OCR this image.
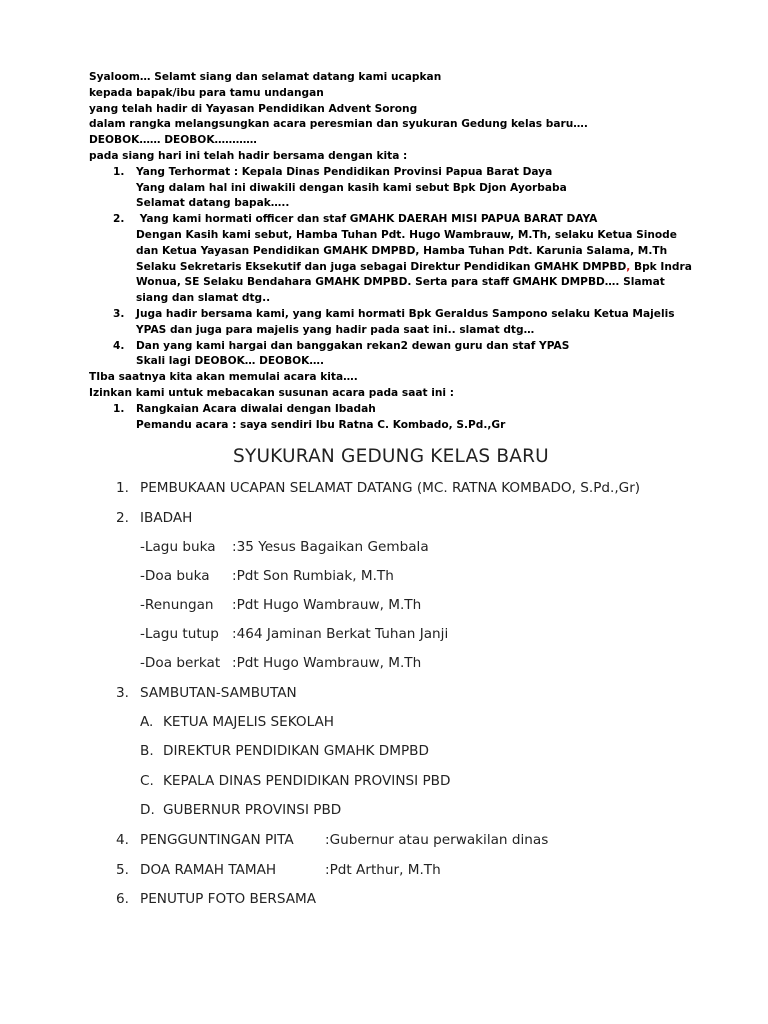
Syaloom… Selamt siang dan selamat datang kami ucapkan
kepada bapak/ibu para tamu undangan
yang telah hadir di Yayasan Pendidikan Advent Sorong
dalam rangka melangsungkan acara peresmian dan syukuran Gedung kelas baru….
DEOBOK…… DEOBOK…………
pada siang hari ini telah hadir bersama dengan kita :
1.	Yang Terhormat : Kepala Dinas Pendidikan Provinsi Papua Barat Daya
Yang dalam hal ini diwakili dengan kasih kami sebut Bpk Djon Ayorbaba
Selamat datang bapak…..
2.	Yang kami hormati officer dan staf GMAHK DAERAH MISI PAPUA BARAT DAYA
Dengan Kasih kami sebut, Hamba Tuhan Pdt. Hugo Wambrauw, M.Th, selaku Ketua Sinode
dan Ketua Yayasan Pendidikan GMAHK DMPBD, Hamba Tuhan Pdt. Karunia Salama, M.Th
Selaku Sekretaris Eksekutif dan juga sebagai Direktur Pendidikan GMAHK DMPBD, Bpk Indra
Wonua, SE Selaku Bendahara GMAHK DMPBD. Serta para staff GMAHK DMPBD…. Slamat
siang dan slamat dtg..
3.	Juga hadir bersama kami, yang kami hormati Bpk Geraldus Sampono selaku Ketua Majelis
YPAS dan juga para majelis yang hadir pada saat ini.. slamat dtg…
4.	Dan yang kami hargai dan banggakan rekan2 dewan guru dan staf YPAS
Skali lagi DEOBOK… DEOBOK….
TIba saatnya kita akan memulai acara kita….
Izinkan kami untuk mebacakan susunan acara pada saat ini :
1.	Rangkaian Acara diwalai dengan Ibadah
Pemandu acara : saya sendiri Ibu Ratna C. Kombado, S.Pd.,Gr
SYUKURAN GEDUNG KELAS BARU
1. PEMBUKAAN UCAPAN SELAMAT DATANG (MC. RATNA KOMBADO, S.Pd.,Gr)
2. IBADAH
-Lagu buka :35 Yesus Bagaikan Gembala
-Doa buka :Pdt Son Rumbiak, M.Th
-Renungan :Pdt Hugo Wambrauw, M.Th
-Lagu tutup :464 Jaminan Berkat Tuhan Janji
-Doa berkat :Pdt Hugo Wambrauw, M.Th
3. SAMBUTAN-SAMBUTAN
A. KETUA MAJELIS SEKOLAH
B. DIREKTUR PENDIDIKAN GMAHK DMPBD
C. KEPALA DINAS PENDIDIKAN PROVINSI PBD
D. GUBERNUR PROVINSI PBD
4. PENGGUNTINGAN PITA :Gubernur atau perwakilan dinas
5. DOA RAMAH TAMAH	:Pdt Arthur, M.Th
6. PENUTUP FOTO BERSAMA
